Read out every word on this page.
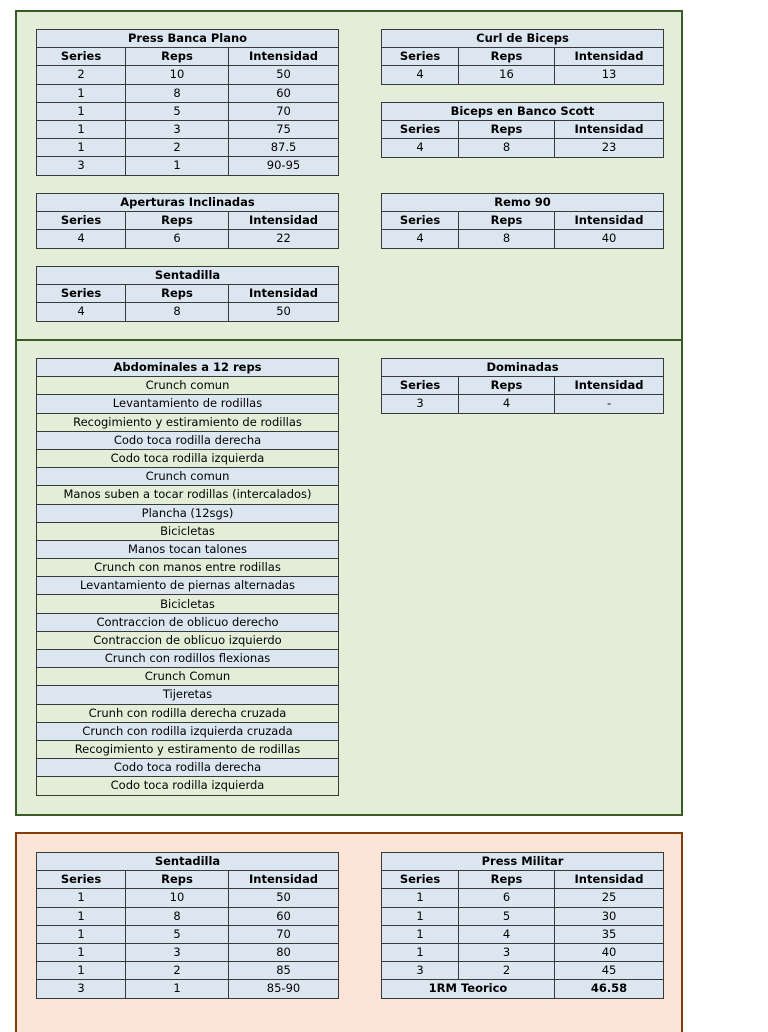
Press Banca Plano		
Series	Reps	Intensidad
2	10	50
1	8	60
1	5	70
1	3	75
1	2	87.5
3	1	90-95
Curl de Biceps		
Series	Reps	Intensidad
4	16	13
Biceps en Banco Scott		
Series	Reps	Intensidad
4	8	23
Aperturas Inclinadas		
Series	Reps	Intensidad
4	6	22
Remo 90		
Series	Reps	Intensidad
4	8	40
Sentadilla		
Series	Reps	Intensidad
4	8	50
Abdominales a 12 reps
Crunch comun
Levantamiento de rodillas
Recogimiento y estiramiento de rodillas
Codo toca rodilla derecha
Codo toca rodilla izquierda
Crunch comun
Manos suben a tocar rodillas (intercalados)
Plancha (12sgs)
Bicicletas
Manos tocan talones
Crunch con manos entre rodillas
Levantamiento de piernas alternadas
Bicicletas
Contraccion de oblicuo derecho
Contraccion de oblicuo izquierdo
Crunch con rodillos flexionas
Crunch Comun
Tijeretas
Crunh con rodilla derecha cruzada
Crunch con rodilla izquierda cruzada
Recogimiento y estiramento de rodillas
Codo toca rodilla derecha
Codo toca rodilla izquierda
Dominadas		
Series	Reps	Intensidad
3	4	-
Sentadilla		
Series	Reps	Intensidad
1	10	50
1	8	60
1	5	70
1	3	80
1	2	85
3	1	85-90
Press Militar		
Series	Reps	Intensidad
1	6	25
1	5	30
1	4	35
1	3	40
3	2	45
1RM Teorico		46.58
